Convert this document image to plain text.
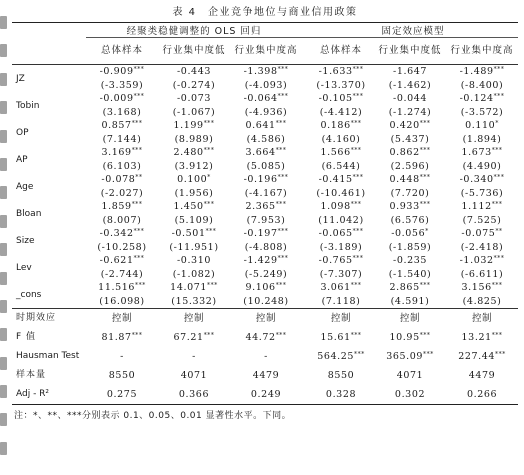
表 4　企业竞争地位与商业信用政策
	经聚类稳健调整的 OLS 回归			固定效应模型		
	总体样本	行业集中度低	行业集中度高	总体样本	行业集中度低	行业集中度高
JZ	-0.909***	-0.443	-1.398***	-1.633***	-1.647	-1.489***
	(-3.359)	(-0.274)	(-4.093)	(-13.370)	(-1.462)	(-8.400)
Tobin	-0.009***	-0.073	-0.064***	-0.105***	-0.044	-0.124***
	(3.168)	(-1.067)	(-4.936)	(-4.412)	(-1.274)	(-3.572)
OP	0.857***	1.199***	0.641***	0.186***	0.420***	0.110*
	(7.144)	(8.989)	(4.586)	(4.160)	(5.437)	(1.894)
AP	3.169***	2.480***	3.664***	1.566***	0.862***	1.673***
	(6.103)	(3.912)	(5.085)	(6.544)	(2.596)	(4.490)
Age	-0.078**	0.100*	-0.196***	-0.415***	0.448***	-0.340***
	(-2.027)	(1.956)	(-4.167)	(-10.461)	(7.720)	(-5.736)
Bloan	1.859***	1.450***	2.365***	1.098***	0.933***	1.112***
	(8.007)	(5.109)	(7.953)	(11.042)	(6.576)	(7.525)
Size	-0.342***	-0.501***	-0.197***	-0.065***	-0.056*	-0.075**
	(-10.258)	(-11.951)	(-4.808)	(-3.189)	(-1.859)	(-2.418)
Lev	-0.621***	-0.310	-1.429***	-0.765***	-0.235	-1.032***
	(-2.744)	(-1.082)	(-5.249)	(-7.307)	(-1.540)	(-6.611)
_cons	11.516***	14.071***	9.106***	3.061***	2.865***	3.156***
	(16.098)	(15.332)	(10.248)	(7.118)	(4.591)	(4.825)
时期效应	控制	控制	控制	控制	控制	控制
F 值	81.87***	67.21***	44.72***	15.61***	10.95***	13.21***
Hausman Test	-	-	-	564.25***	365.09***	227.44***
样本量	8550	4071	4479	8550	4071	4479
Adj - R²	0.275	0.366	0.249	0.328	0.302	0.266
注：*、**、***分别表示 0.1、0.05、0.01 显著性水平。下同。
